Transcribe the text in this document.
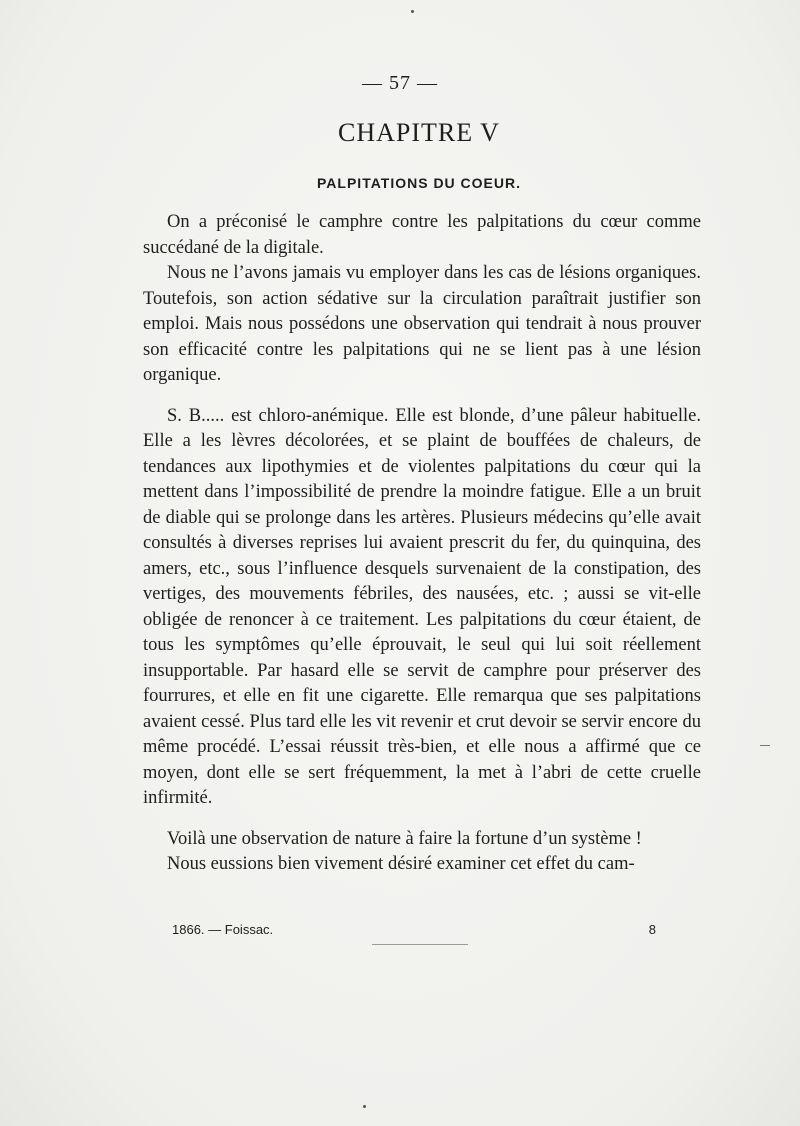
— 57 —
CHAPITRE V
PALPITATIONS DU COEUR.

On a préconisé le camphre contre les palpitations du cœur comme succédané de la digitale.

Nous ne l’avons jamais vu employer dans les cas de lésions organiques. Toutefois, son action sédative sur la circulation paraîtrait justifier son emploi. Mais nous possédons une observation qui tendrait à nous prouver son efficacité contre les palpitations qui ne se lient pas à une lésion organique.

S. B..... est chloro-anémique. Elle est blonde, d’une pâleur habituelle. Elle a les lèvres décolorées, et se plaint de bouffées de chaleurs, de tendances aux lipothymies et de violentes palpitations du cœur qui la mettent dans l’impossibilité de prendre la moindre fatigue. Elle a un bruit de diable qui se prolonge dans les artères. Plusieurs médecins qu’elle avait consultés à diverses reprises lui avaient prescrit du fer, du quinquina, des amers, etc., sous l’influence desquels survenaient de la constipation, des vertiges, des mouvements fébriles, des nausées, etc. ; aussi se vit-elle obligée de renoncer à ce traitement. Les palpitations du cœur étaient, de tous les symptômes qu’elle éprouvait, le seul qui lui soit réellement insupportable. Par hasard elle se servit de camphre pour préserver des fourrures, et elle en fit une cigarette. Elle remarqua que ses palpitations avaient cessé. Plus tard elle les vit revenir et crut devoir se servir encore du même procédé. L’essai réussit très-bien, et elle nous a affirmé que ce moyen, dont elle se sert fréquemment, la met à l’abri de cette cruelle infirmité.

Voilà une observation de nature à faire la fortune d’un système !

Nous eussions bien vivement désiré examiner cet effet du cam-

1866. — Foissac.	8
